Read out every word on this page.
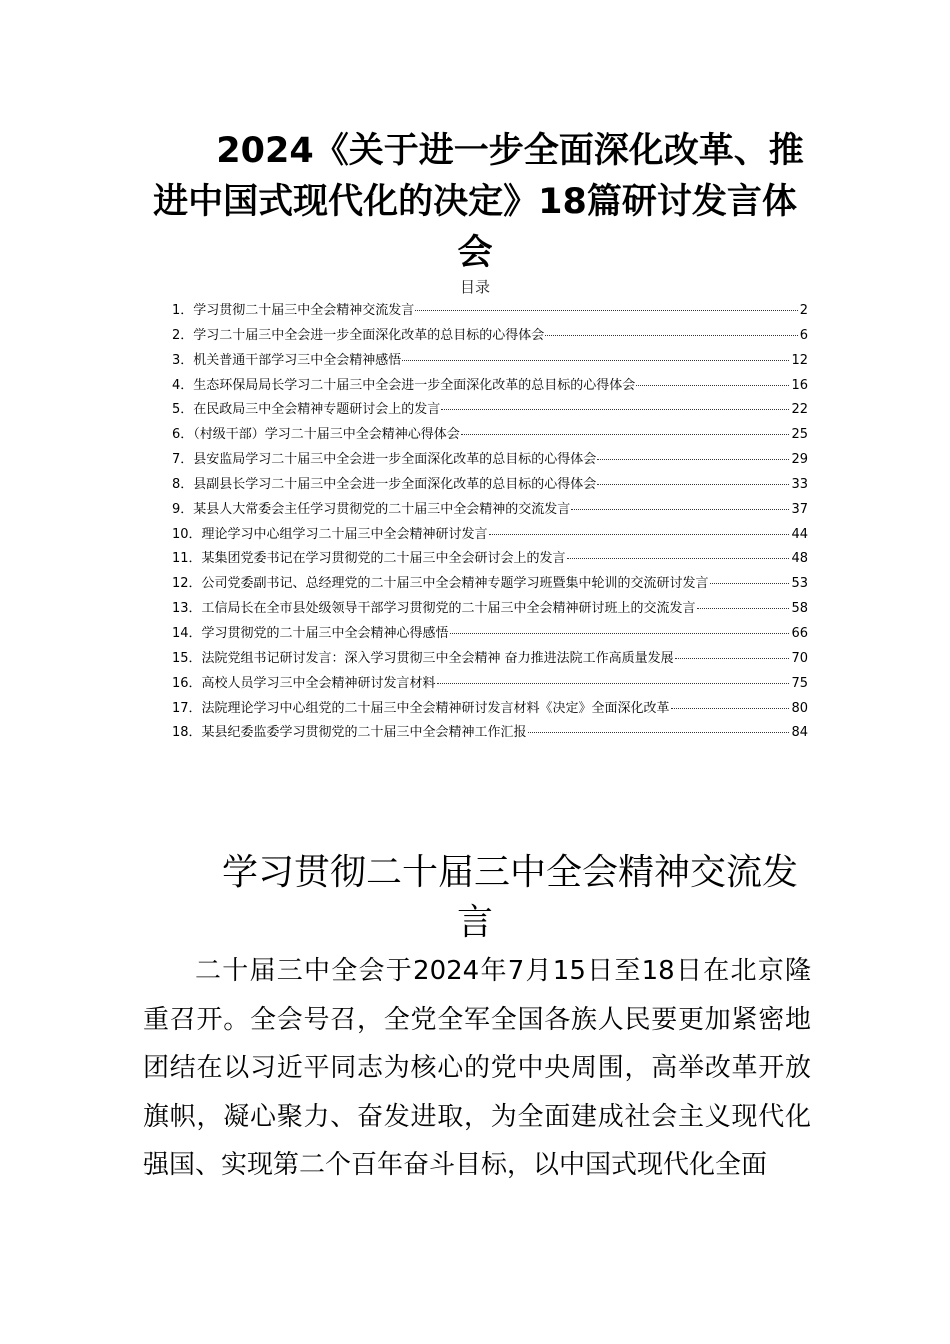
2024《关于进一步全面深化改革、推进中国式现代化的决定》18篇研讨发言体会
目录
1．学习贯彻二十届三中全会精神交流发言	2
2．学习二十届三中全会进一步全面深化改革的总目标的心得体会	6
3．机关普通干部学习三中全会精神感悟	12
4．生态环保局局长学习二十届三中全会进一步全面深化改革的总目标的心得体会	16
5．在民政局三中全会精神专题研讨会上的发言	22
6．（村级干部）学习二十届三中全会精神心得体会	25
7．县安监局学习二十届三中全会进一步全面深化改革的总目标的心得体会	29
8．县副县长学习二十届三中全会进一步全面深化改革的总目标的心得体会	33
9．某县人大常委会主任学习贯彻党的二十届三中全会精神的交流发言	37
10．理论学习中心组学习二十届三中全会精神研讨发言	44
11．某集团党委书记在学习贯彻党的二十届三中全会研讨会上的发言	48
12．公司党委副书记、总经理党的二十届三中全会精神专题学习班暨集中轮训的交流研讨发言	53
13．工信局长在全市县处级领导干部学习贯彻党的二十届三中全会精神研讨班上的交流发言	58
14．学习贯彻党的二十届三中全会精神心得感悟	66
15．法院党组书记研讨发言：深入学习贯彻三中全会精神 奋力推进法院工作高质量发展	70
16．高校人员学习三中全会精神研讨发言材料	75
17．法院理论学习中心组党的二十届三中全会精神研讨发言材料《决定》全面深化改革	80
18．某县纪委监委学习贯彻党的二十届三中全会精神工作汇报	84
学习贯彻二十届三中全会精神交流发言

二十届三中全会于2024年7月15日至18日在北京隆重召开。全会号召，全党全军全国各族人民要更加紧密地团结在以习近平同志为核心的党中央周围，高举改革开放旗帜，凝心聚力、奋发进取，为全面建成社会主义现代化强国、实现第二个百年奋斗目标，以中国式现代化全面
